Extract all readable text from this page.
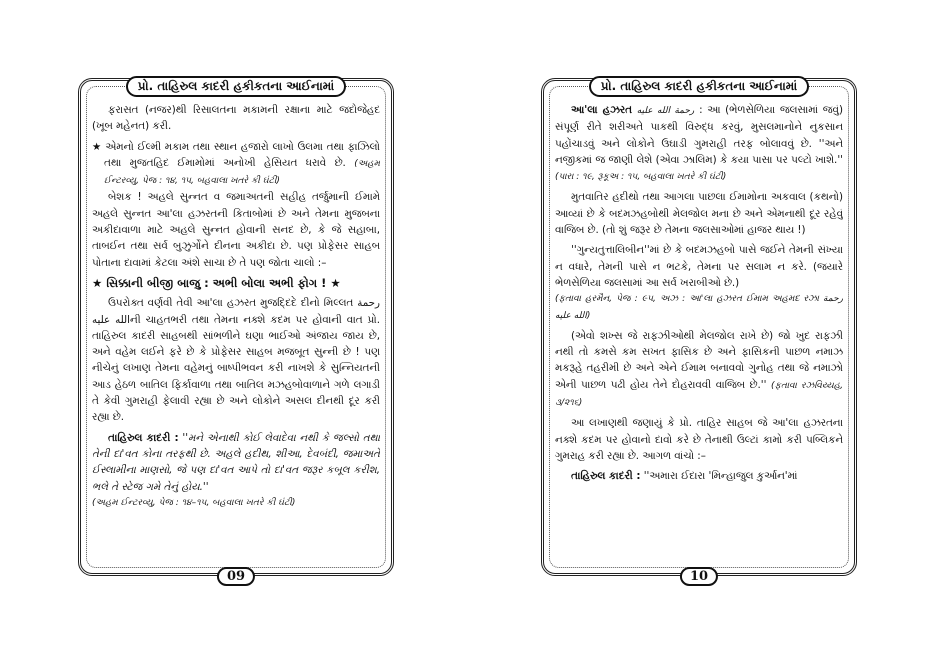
પ્રો. તાહિરુલ કાદરી હકીકતના આઈનામાં

ફરાસત (નજર)થી રિસાલતના મકામની રક્ષાના માટે જદોજેહદ (ખૂબ મહેનત) કરી.

★ એમનો ઈલ્મી મકામ તથા સ્થાન હજારો લાખો ઉલમા તથા ફાઝિલો તથા મુજતહિદ ઈમામોમાં અનોખી હેસિયત ધરાવે છે. (અહમ ઈન્ટરવ્યુ, પેજ : ૧૪, ૧૫, બહવાલા ખતરે કી ઘંટી)

બેશક ! અહલે સુન્નત વ જમાઅતની સહીહ તર્જુમાની ઈમામે અહલે સુન્નત આ'લા હઝરતની કિતાબોમાં છે અને તેમના મુજબના અકીદાવાળા માટે અહલે સુન્નત હોવાની સનદ છે, કે જે સહાબા, તાબઈન તથા સર્વ બુઝુર્ગોને દીનના અકીદા છે. પણ પ્રોફેસર સાહબ પોતાના દાવામાં કેટલા અંશે સાચા છે તે પણ જોતા ચાલો :–

★ સિક્કાની બીજી બાજુ : અભી બોલા અભી ફોગ ! ★

ઉપરોક્ત વર્ણવી તેવી આ'લા હઝરત મુજદ્દિદે દીનો મિલ્લત رحمة الله عليهની ચાહતભરી તથા તેમના નક્શે કદમ પર હોવાની વાત પ્રો. તાહિરુલ કાદરી સાહબથી સાંભળીને ઘણા ભાઈઓ અંજાય જાય છે, અને વહેમ લઈને ફરે છે કે પ્રોફેસર સાહબ મજબૂત સુન્ની છે ! પણ નીચેનું લખાણ તેમના વહેમનું બાષ્પીભવન કરી નાખશે કે સુન્નિયતની આડ હેઠળ બાતિલ ફિર્કાવાળા તથા બાતિલ મઝહબોવાળાને ગળે લગાડી તે કેવી ગુમરાહી ફેલાવી રહ્યા છે અને લોકોને અસલ દીનથી દૂર કરી રહ્યા છે.

તાહિરુલ કાદરી : ''મને એનાથી કોઈ લેવાદેવા નથી કે જલ્સો તથા તેની દા'વત કોના તરફથી છે. અહલે હદીથ, શીઆ, દેવબંદી, જમાઅતે ઈસ્લામીના માણસો, જે પણ દા'વત આપે તો દા'વત જરૂર કબૂલ કરીશ, ભલે તે સ્ટેજ ગમે તેનું હોય.''

(અહમ ઈન્ટરવ્યુ, પેજ : ૧૪–૧૫, બહવાલા ખતરે કી ઘંટી)

09
પ્રો. તાહિરુલ કાદરી હકીકતના આઈનામાં

આ'લા હઝરત رحمة الله عليه : આ (ભેળસેળિયા જલસામાં જવું) સંપૂર્ણ રીતે શરીઅતે પાકથી વિરુદ્ધ કરવું, મુસલમાનોને નુકસાન પહોંચાડવું અને લોકોને ઉઘાડી ગુમરાહી તરફ બોલાવવું છે. ''અને નજીકમાં જ જાણી લેશે (એવા ઝાલિમ) કે કયા પાસા પર પલ્ટો ખાશે.'' (પારા : ૧૯, રૂકૂઅ : ૧૫, બહવાલા ખતરે કી ઘંટી)

મુતવાતિર હદીથો તથા આગલા પાછલા ઈમામોના અકવાલ (કથનો) આવ્યાં છે કે બદમઝહબોથી મેલજોલ મના છે અને એમનાથી દૂર રહેવું વાજિબ છે. (તો શું જરૂર છે તેમના જલસાઓમાં હાજર થાય !)

''ગુન્યતુત્તાલિબીન''માં છે કે બદમઝહબો પાસે જઈને તેમની સંખ્યા ન વધારે, તેમની પાસે ન ભટકે, તેમના પર સલામ ન કરે. (જયારે ભેળસેળિયા જલસામાં આ સર્વ ખરાબીઓ છે.)

(ફતાવા હરમૈન, પેજ : ૯૫, અઝ : આ'લા હઝરત ઈમામ અહમદ રઝા رحمة الله عليه)

(એવો શખ્સ જે રાફઝીઓથી મેલજોલ રાખે છે) જો ખુદ રાફઝી નથી તો કમસે કમ સખત ફાસિક છે અને ફાસિકની પાછળ નમાઝ મકરૂહે તહરીમી છે અને એને ઈમામ બનાવવો ગુનોહ તથા જે નમાઝો એની પાછળ પઢી હોય તેને દોહરાવવી વાજિબ છે.'' (ફતાવા રઝવિય્યહ, ૩/૨૧૬)

આ લખાણથી જણાયું કે પ્રો. તાહિર સાહબ જે આ'લા હઝરતના નક્શે કદમ પર હોવાનો દાવો કરે છે તેનાથી ઉલ્ટાં કામો કરી પબ્લિકને ગુમરાહ કરી રહ્યા છે. આગળ વાંચો :–

તાહિરુલ કાદરી : ''અમારા ઈદારા 'મિન્હાજુલ કુર્આન'માં

10
